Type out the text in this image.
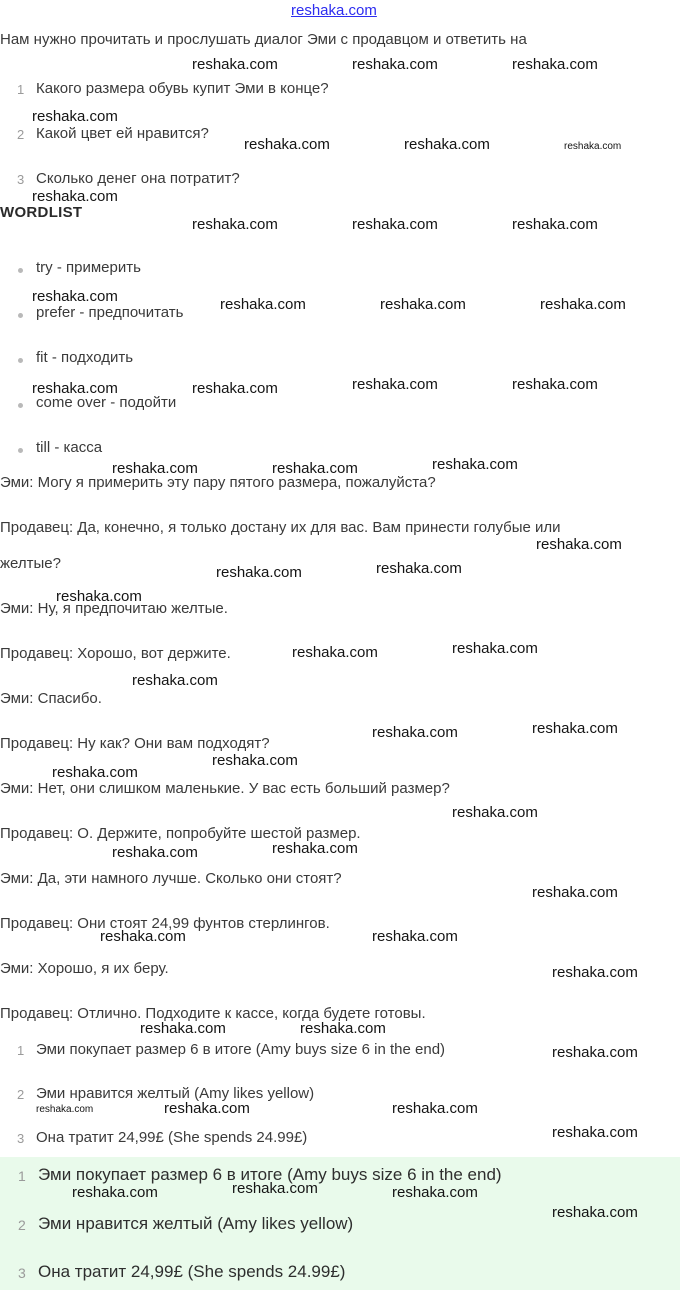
reshaka.com
Нам нужно прочитать и прослушать диалог Эми с продавцом и ответить на
1 Какого размера обувь купит Эми в конце?
2 Какой цвет ей нравится?
3 Сколько денег она потратит?
WORDLIST
try - примерить
prefer - предпочитать
fit - подходить
come over - подойти
till - касса
Эми: Могу я примерить эту пару пятого размера, пожалуйста?
Продавец: Да, конечно, я только достану их для вас. Вам принести голубые или
желтые?
Эми: Ну, я предпочитаю желтые.
Продавец: Хорошо, вот держите.
Эми: Спасибо.
Продавец: Ну как? Они вам подходят?
Эми: Нет, они слишком маленькие. У вас есть больший размер?
Продавец: О. Держите, попробуйте шестой размер.
Эми: Да, эти намного лучше. Сколько они стоят?
Продавец: Они стоят 24,99 фунтов стерлингов.
Эми: Хорошо, я их беру.
Продавец: Отлично. Подходите к кассе, когда будете готовы.
1 Эми покупает размер 6 в итоге (Amy buys size 6 in the end)
2 Эми нравится желтый (Amy likes yellow)
3 Она тратит 24,99£ (She spends 24.99£)
1 Эми покупает размер 6 в итоге (Amy buys size 6 in the end)
2 Эми нравится желтый (Amy likes yellow)
3 Она тратит 24,99£ (She spends 24.99£)
reshaka.com	reshaka.com	reshaka.com
reshaka.com
reshaka.com	reshaka.com	reshaka.com
reshaka.com
reshaka.com	reshaka.com	reshaka.com
reshaka.com	reshaka.com	reshaka.com	reshaka.com
reshaka.com	reshaka.com	reshaka.com	reshaka.com
reshaka.com	reshaka.com	reshaka.com
reshaka.com
reshaka.com	reshaka.com
reshaka.com
reshaka.com	reshaka.com
reshaka.com
reshaka.com
reshaka.com
reshaka.com
reshaka.com
reshaka.com
reshaka.com
reshaka.com
reshaka.com
reshaka.com
reshaka.com
reshaka.com
reshaka.com	reshaka.com
reshaka.com
reshaka.com	reshaka.com	reshaka.com
reshaka.com
reshaka.com	reshaka.com	reshaka.com
reshaka.com
